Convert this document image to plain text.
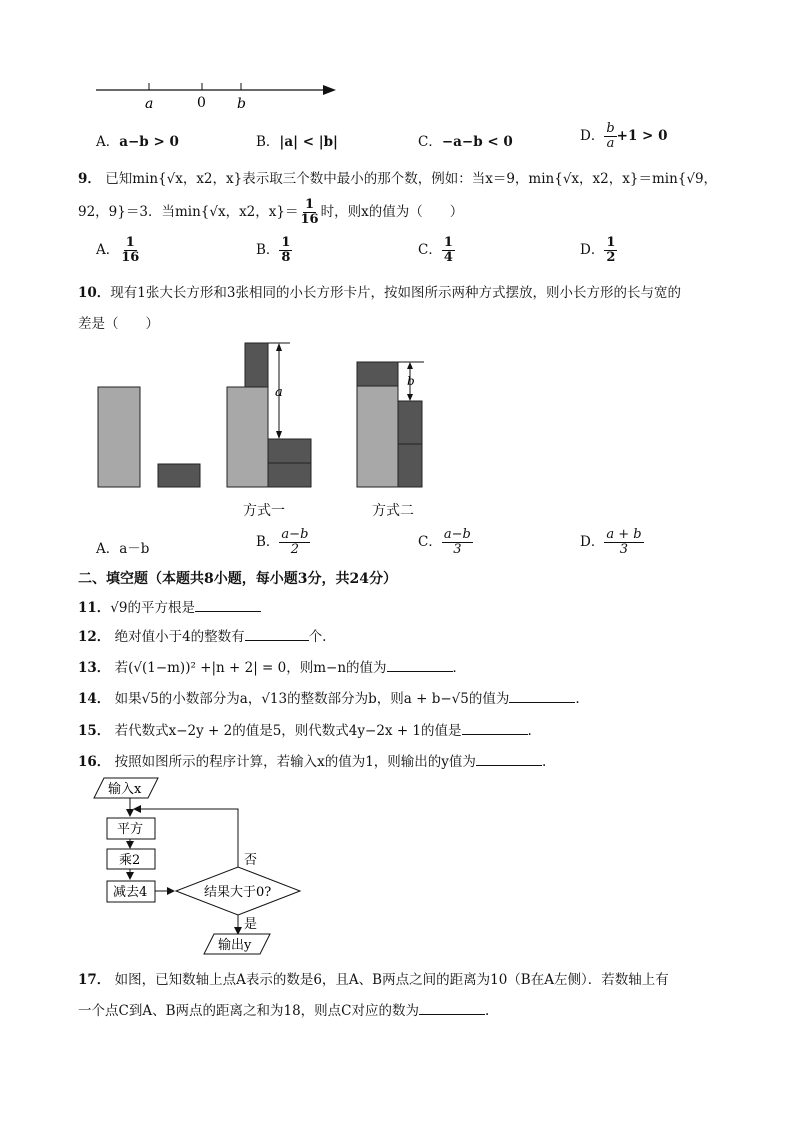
a	0 b
A．a−b > 0	B．|a| < |b|	C．−a−b < 0	D． $\frac{b}{a} +1 > 0$
9． 已知min{√x，x2，x}表示取三个数中最小的那个数，例如：当x＝9，min{√x，x2，x}＝min{√9，
92，9}＝3．当min{√x，x2，$x\}= \frac{1}{16}$ 时，则x的值为（　　）
A． $\frac{1}{16}$	B． $\frac{1}{8}$	C． $\frac{1}{4}$	D． $\frac{1}{2}$
10．现有1张大长方形和3张相同的小长方形卡片，按如图所示两种方式摆放，则小长方形的长与宽的
差是（　　）
a
b
方式一	方式二
A．a－b	B． $\frac{a-b}{2}$	C． $\frac{a-b}{3}$	D． $\frac{a + b}{3}$
二、填空题（本题共8小题，每小题3分，共24分）
11．√9的平方根是
12． 绝对值小于4的整数有	个.
13． 若(√(1−m))² +|n + 2| = 0，则m−n的值为	．
14． 如果√5的小数部分为a，√13的整数部分为b，则a + b−√5的值为	.
15． 若代数式x−2y + 2的值是5，则代数式4y−2x + 1的值是	.
16． 按照如图所示的程序计算，若输入x的值为1，则输出的y值为	.
输入x
平方
乘2
减去4	结果大于0?
否
是
输出y
17． 如图，已知数轴上点A表示的数是6，且A、B两点之间的距离为10（B在A左侧）．若数轴上有
一个点C到A、B两点的距离之和为18，则点C对应的数为	.
